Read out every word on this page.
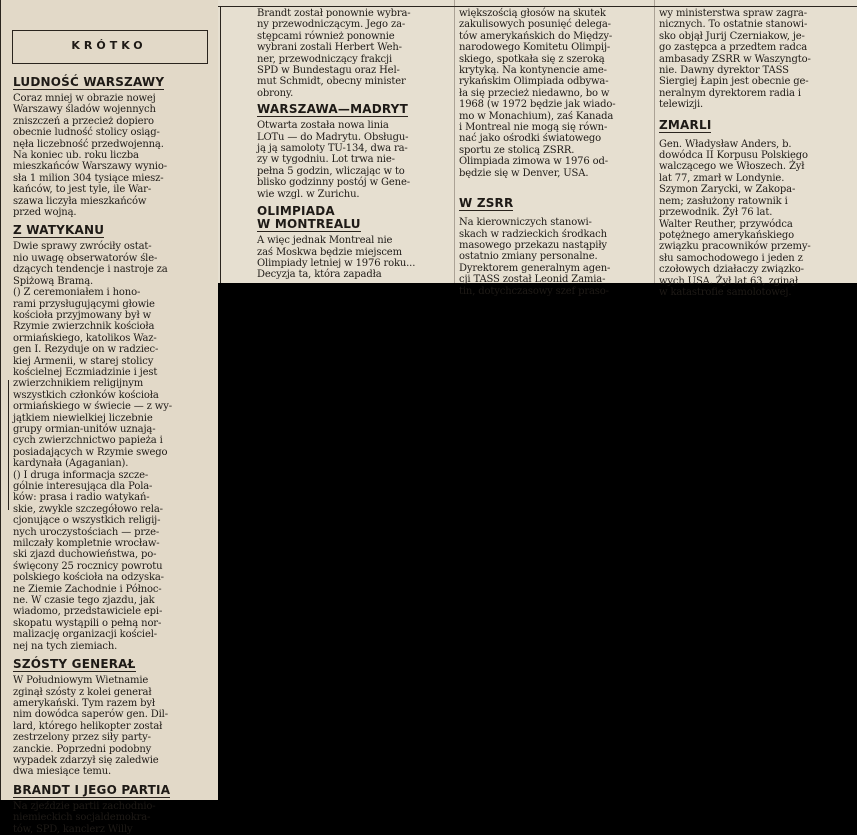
KRÓTKO
LUDNOŚĆ WARSZAWY

Coraz mniej w obrazie nowej
Warszawy śladów wojennych
zniszczeń a przecież dopiero
obecnie ludność stolicy osiąg-
nęła liczebność przedwojenną.
Na koniec ub. roku liczba
mieszkańców Warszawy wynio-
sła 1 milion 304 tysiące miesz-
kańców, to jest tyle, ile War-
szawa liczyła mieszkańców
przed wojną.

Z WATYKANU

Dwie sprawy zwróciły ostat-
nio uwagę obserwatorów śle-
dzących tendencje i nastroje za
Spiżową Bramą.
() Z ceremoniałem i hono-
rami przysługującymi głowie
kościoła przyjmowany był w
Rzymie zwierzchnik kościoła
ormiańskiego, katolikos Waz-
gen I. Rezyduje on w radziec-
kiej Armenii, w starej stolicy
kościelnej Eczmiadzinie i jest
zwierzchnikiem religijnym
wszystkich członków kościoła
ormiańskiego w świecie — z wy-
jątkiem niewielkiej liczebnie
grupy ormian-unitów uznają-
cych zwierzchnictwo papieża i
posiadających w Rzymie swego
kardynała (Agaganian).
() I druga informacja szcze-
gólnie interesująca dla Pola-
ków: prasa i radio watykań-
skie, zwykle szczegółowo rela-
cjonujące o wszystkich religij-
nych uroczystościach — prze-
milczały kompletnie wrocław-
ski zjazd duchowieństwa, po-
święcony 25 rocznicy powrotu
polskiego kościoła na odzyska-
ne Ziemie Zachodnie i Północ-
ne. W czasie tego zjazdu, jak
wiadomo, przedstawiciele epi-
skopatu wystąpili o pełną nor-
malizację organizacji kościel-
nej na tych ziemiach.

SZÓSTY GENERAŁ

W Południowym Wietnamie
zginął szósty z kolei generał
amerykański. Tym razem był
nim dowódca saperów gen. Dil-
lard, którego helikopter został
zestrzelony przez siły party-
zanckie. Poprzedni podobny
wypadek zdarzył się zaledwie
dwa miesiące temu.

BRANDT I JEGO PARTIA

Na zjeździe partii zachodnio-
niemieckich socjaldemokra-
tów, SPD, kanclerz Willy

Brandt został ponownie wybra-
ny przewodniczącym. Jego za-
stępcami również ponownie
wybrani zostali Herbert Weh-
ner, przewodniczący frakcji
SPD w Bundestagu oraz Hel-
mut Schmidt, obecny minister
obrony.

WARSZAWA—MADRYT

Otwarta została nowa linia
LOTu — do Madrytu. Obsługu-
ją ją samoloty TU-134, dwa ra-
zy w tygodniu. Lot trwa nie-
pełna 5 godzin, wliczając w to
blisko godzinny postój w Gene-
wie wzgl. w Zurichu.

OLIMPIADA
W MONTREALU

A więc jednak Montreal nie
zaś Moskwa będzie miejscem
Olimpiady letniej w 1976 roku...
Decyzja ta, która zapadła

większością głosów na skutek
zakulisowych posunięć delega-
tów amerykańskich do Między-
narodowego Komitetu Olimpij-
skiego, spotkała się z szeroką
krytyką. Na kontynencie ame-
rykańskim Olimpiada odbywa-
ła się przecież niedawno, bo w
1968 (w 1972 będzie jak wiado-
mo w Monachium), zaś Kanada
i Montreal nie mogą się równ-
nać jako ośrodki światowego
sportu ze stolicą ZSRR.
Olimpiada zimowa w 1976 od-
będzie się w Denver, USA.

W ZSRR

Na kierowniczych stanowi-
skach w radzieckich środkach
masowego przekazu nastąpiły
ostatnio zmiany personalne.
Dyrektorem generalnym agen-
cji TASS został Leonid Zamia-
tin, dotychczasowy szef praso-

wy ministerstwa spraw zagra-
nicznych. To ostatnie stanowi-
sko objął Jurij Czerniakow, je-
go zastępca a przedtem radca
ambasady ZSRR w Waszyngto-
nie. Dawny dyrektor TASS
Siergiej Łapin jest obecnie ge-
neralnym dyrektorem radia i
telewizji.

ZMARLI

Gen. Władysław Anders, b.
dowódca II Korpusu Polskiego
walczącego we Włoszech. Żył
lat 77, zmarł w Londynie.
Szymon Zarycki, w Zakopa-
nem; zasłużony ratownik i
przewodnik. Żył 76 lat.
Walter Reuther, przywódca
potężnego amerykańskiego
związku pracowników przemy-
słu samochodowego i jeden z
czołowych działaczy związko-
wych USA. Żył lat 63, zginął
w katastrofie samolotowej.
